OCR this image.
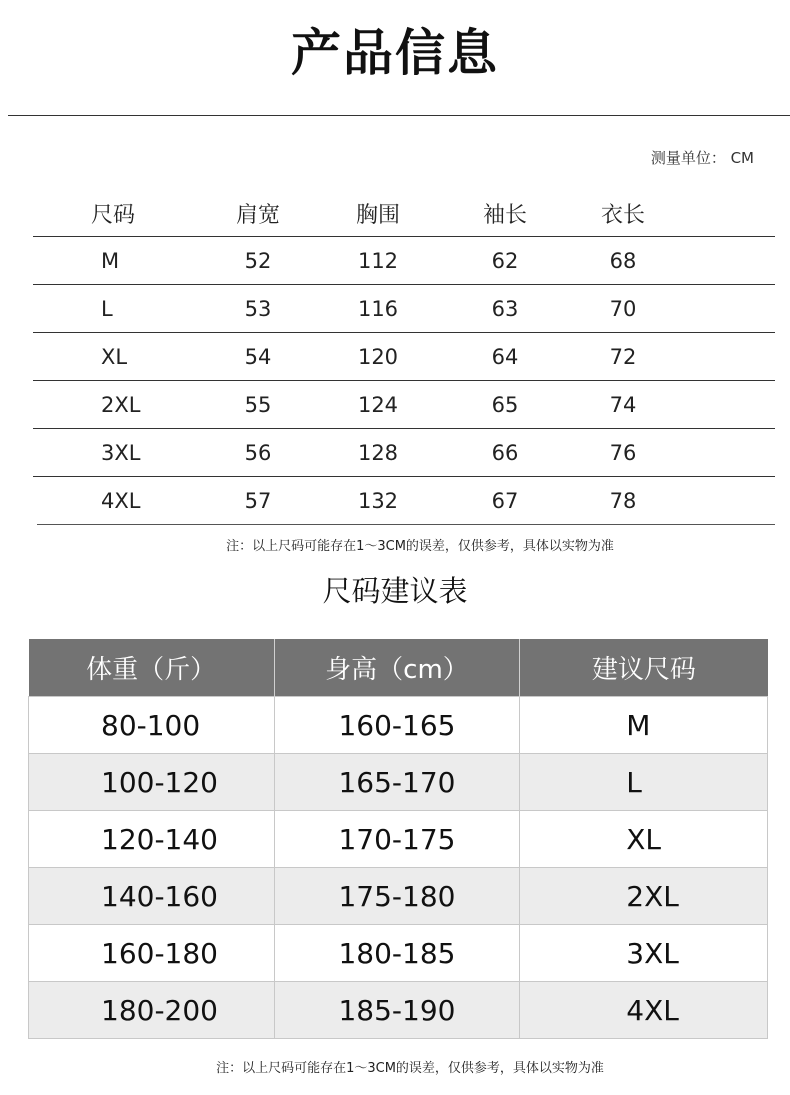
产品信息
测量单位： CM
尺码	肩宽	胸围	袖长	衣长
M	52	112	62	68
L	53	116	63	70
XL	54	120	64	72
2XL	55	124	65	74
3XL	56	128	66	76
4XL	57	132	67	78
注：以上尺码可能存在1～3CM的误差，仅供参考，具体以实物为准
尺码建议表
体重（斤）	身高（cm）	建议尺码
80-100	160-165	M
100-120	165-170	L
120-140	170-175	XL
140-160	175-180	2XL
160-180	180-185	3XL
180-200	185-190	4XL
注：以上尺码可能存在1～3CM的误差，仅供参考，具体以实物为准
